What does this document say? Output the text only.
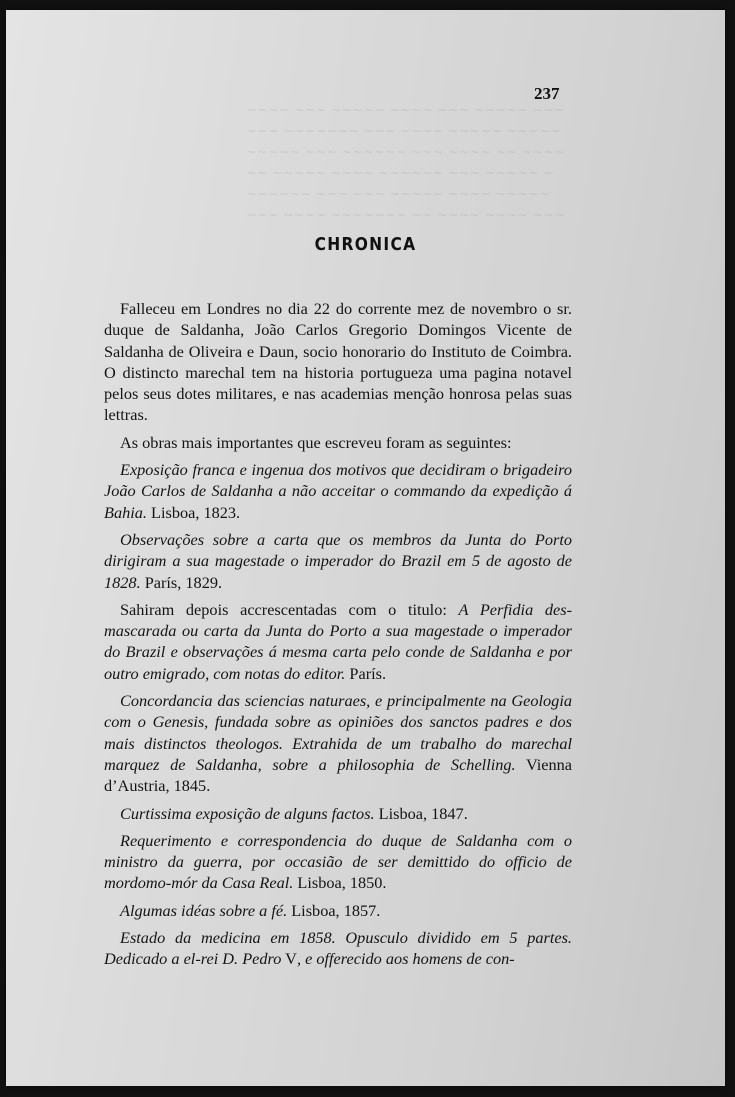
~~~~ ~~~ ~~~~~ ~~~~ ~~~ ~~~~~ ~~~
~~~ ~~~~~~~ ~~~ ~~~~ ~~~~~ ~~~~~
~~~~~ ~~~ ~~~~~~ ~~~ ~~~~ ~~ ~~~~
~~ ~~~~~ ~~~~ ~~~~~~ ~~~ ~~~~~ ~
~~~~~~ ~~~ ~~~ ~~~~~ ~~~~ ~~~~~
~~~ ~~~~ ~~~~~~~ ~~ ~~~~ ~~~~ ~~~
237
CHRONICA

Falleceu em Londres no dia 22 do corrente mez de novembro o sr. duque de Saldanha, João Carlos Gregorio Domingos Vicente de Saldanha de Oliveira e Daun, socio honorario do Instituto de Coimbra. O distincto marechal tem na historia portugueza uma pagina notavel pelos seus dotes militares, e nas academias menção honrosa pelas suas lettras.

As obras mais importantes que escreveu foram as seguintes:

Exposição franca e ingenua dos motivos que decidiram o brigadeiro João Carlos de Saldanha a não acceitar o commando da expedição á Bahia. Lisboa, 1823.

Observações sobre a carta que os membros da Junta do Porto dirigiram a sua magestade o imperador do Brazil em 5 de agosto de 1828. París, 1829.

Sahiram depois accrescentadas com o titulo: A Perfidia desmascarada ou carta da Junta do Porto a sua magestade o imperador do Brazil e observações á mesma carta pelo conde de Saldanha e por outro emigrado, com notas do editor. París.

Concordancia das sciencias naturaes, e principalmente na Geologia com o Genesis, fundada sobre as opiniões dos sanctos padres e dos mais distinctos theologos. Extrahida de um trabalho do marechal marquez de Saldanha, sobre a philosophia de Schelling. Vienna d’Austria, 1845.

Curtissima exposição de alguns factos. Lisboa, 1847.

Requerimento e correspondencia do duque de Saldanha com o ministro da guerra, por occasião de ser demittido do officio de mordomo-mór da Casa Real. Lisboa, 1850.

Algumas idéas sobre a fé. Lisboa, 1857.

Estado da medicina em 1858. Opusculo dividido em 5 partes. Dedicado a el-rei D. Pedro V, e offerecido aos homens de con-
